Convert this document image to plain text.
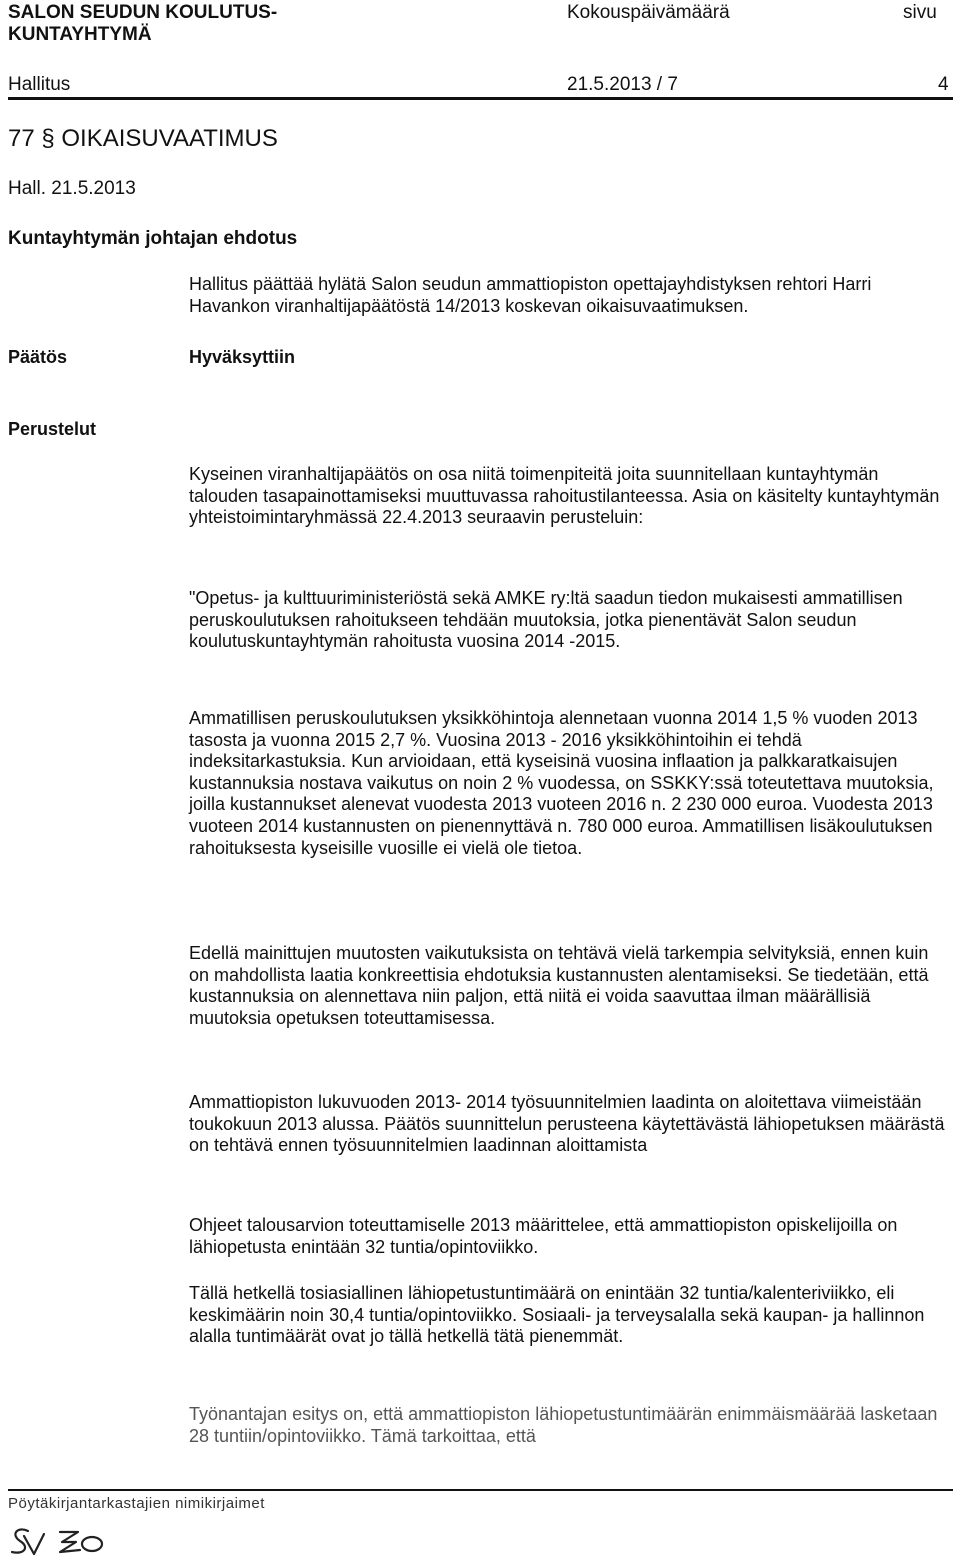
SALON SEUDUN KOULUTUS-
KUNTAYHTYMÄ
Kokouspäivämäärä	sivu
Hallitus	21.5.2013 / 7	4
77 § OIKAISUVAATIMUS
Hall. 21.5.2013
Kuntayhtymän johtajan ehdotus

Hallitus päättää hylätä Salon seudun ammattiopiston opettajayhdistyksen rehtori Harri Havankon viranhaltijapäätöstä 14/2013 koskevan oikaisuvaatimuksen.

Päätös	Hyväksyttiin
Perustelut

Kyseinen viranhaltijapäätös on osa niitä toimenpiteitä joita suunnitellaan kuntayhtymän talouden tasapainottamiseksi muuttuvassa rahoitustilanteessa. Asia on käsitelty kuntayhtymän yhteistoimintaryhmässä 22.4.2013 seuraavin perusteluin:

"Opetus- ja kulttuuriministeriöstä sekä AMKE ry:ltä saadun tiedon mukaisesti ammatillisen peruskoulutuksen rahoitukseen tehdään muutoksia, jotka pienentävät Salon seudun koulutuskuntayhtymän rahoitusta vuosina 2014 -2015.

Ammatillisen peruskoulutuksen yksikköhintoja alennetaan vuonna 2014 1,5 % vuoden 2013 tasosta ja vuonna 2015 2,7 %. Vuosina 2013 - 2016 yksikköhintoihin ei tehdä indeksitarkastuksia. Kun arvioidaan, että kyseisinä vuosina inflaation ja palkkaratkaisujen kustannuksia nostava vaikutus on noin 2 % vuodessa, on SSKKY:ssä toteutettava muutoksia, joilla kustannukset alenevat vuodesta 2013 vuoteen 2016 n. 2 230 000 euroa. Vuodesta 2013 vuoteen 2014 kustannusten on pienennyttävä n. 780 000 euroa. Ammatillisen lisäkoulutuksen rahoituksesta kyseisille vuosille ei vielä ole tietoa.

Edellä mainittujen muutosten vaikutuksista on tehtävä vielä tarkempia selvityksiä, ennen kuin on mahdollista laatia konkreettisia ehdotuksia kustannusten alentamiseksi. Se tiedetään, että kustannuksia on alennettava niin paljon, että niitä ei voida saavuttaa ilman määrällisiä muutoksia opetuksen toteuttamisessa.

Ammattiopiston lukuvuoden 2013- 2014 työsuunnitelmien laadinta on aloitettava viimeistään toukokuun 2013 alussa. Päätös suunnittelun perusteena käytettävästä lähiopetuksen määrästä on tehtävä ennen työsuunnitelmien laadinnan aloittamista

Ohjeet talousarvion toteuttamiselle 2013 määrittelee, että ammattiopiston opiskelijoilla on lähiopetusta enintään 32 tuntia/opintoviikko.

Tällä hetkellä tosiasiallinen lähiopetustuntimäärä on enintään 32 tuntia/kalenteriviikko, eli keskimäärin noin 30,4 tuntia/opintoviikko. Sosiaali- ja terveysalalla sekä kaupan- ja hallinnon alalla tuntimäärät ovat jo tällä hetkellä tätä pienemmät.

Työnantajan esitys on, että ammattiopiston lähiopetustuntimäärän enimmäismäärää lasketaan 28 tuntiin/opintoviikko. Tämä tarkoittaa, että

Pöytäkirjantarkastajien nimikirjaimet
